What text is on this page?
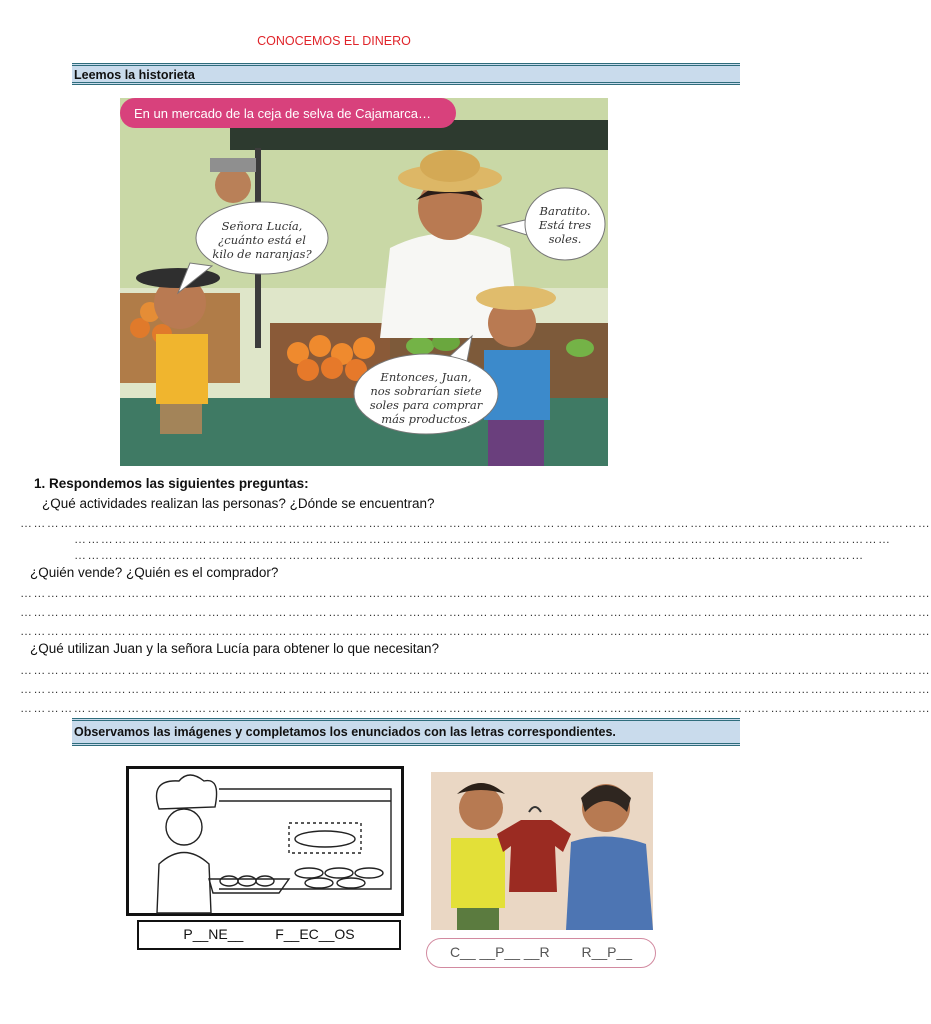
CONOCEMOS EL DINERO
Leemos la historieta
En un mercado de la ceja de selva de Cajamarca…
Señora Lucía,
¿cuánto está el
kilo de naranjas?
Baratito.
Está tres
soles.
Entonces, Juan,
nos sobrarían siete
soles para comprar
más productos.
1. Respondemos las siguientes preguntas:
¿Qué actividades realizan las personas? ¿Dónde se encuentran?
……………………………………………………………………………………………………………………………………………………………………………………
…………………………………………………………………………………………………………………………………………………………………
……………………………………………………………………………………………………………………………………………………………
¿Quién vende? ¿Quién es el comprador?
……………………………………………………………………………………………………………………………………………………………………………………
……………………………………………………………………………………………………………………………………………………………………………………
……………………………………………………………………………………………………………………………………………………………………………………
¿Qué utilizan Juan y la señora Lucía para obtener lo que necesitan?
……………………………………………………………………………………………………………………………………………………………………………………
……………………………………………………………………………………………………………………………………………………………………………………
……………………………………………………………………………………………………………………………………………………………………………………
Observamos las imágenes y completamos los enunciados con las letras correspondientes.
P__NE__ F__EC__OS
C__ __P__ __R R__P__
